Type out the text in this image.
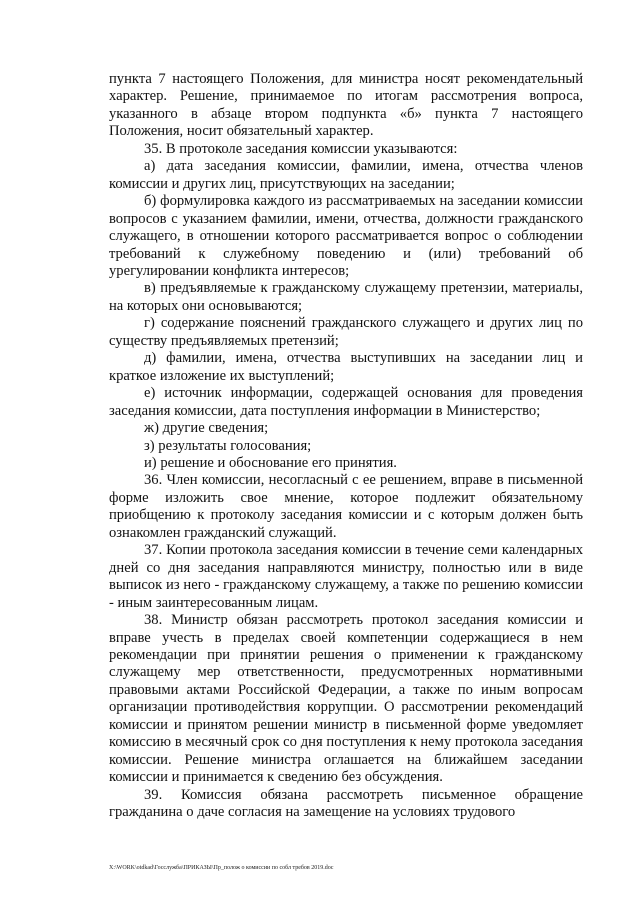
пункта 7 настоящего Положения, для министра носят рекомендательный характер. Решение, принимаемое по итогам рассмотрения вопроса, указанного в абзаце втором подпункта «б» пункта 7 настоящего Положения, носит обязательный характер.

35. В протоколе заседания комиссии указываются:

а) дата заседания комиссии, фамилии, имена, отчества членов комиссии и других лиц, присутствующих на заседании;

б) формулировка каждого из рассматриваемых на заседании комиссии вопросов с указанием фамилии, имени, отчества, должности гражданского служащего, в отношении которого рассматривается вопрос о соблюдении требований к служебному поведению и (или) требований об урегулировании конфликта интересов;

в) предъявляемые к гражданскому служащему претензии, материалы, на которых они основываются;

г) содержание пояснений гражданского служащего и других лиц по существу предъявляемых претензий;

д) фамилии, имена, отчества выступивших на заседании лиц и краткое изложение их выступлений;

е) источник информации, содержащей основания для проведения заседания комиссии, дата поступления информации в Министерство;

ж) другие сведения;

з) результаты голосования;

и) решение и обоснование его принятия.

36. Член комиссии, несогласный с ее решением, вправе в письменной форме изложить свое мнение, которое подлежит обязательному приобщению к протоколу заседания комиссии и с которым должен быть ознакомлен гражданский служащий.

37. Копии протокола заседания комиссии в течение семи календарных дней со дня заседания направляются министру, полностью или в виде выписок из него - гражданскому служащему, а также по решению комиссии - иным заинтересованным лицам.

38. Министр обязан рассмотреть протокол заседания комиссии и вправе учесть в пределах своей компетенции содержащиеся в нем рекомендации при принятии решения о применении к гражданскому служащему мер ответственности, предусмотренных нормативными правовыми актами Российской Федерации, а также по иным вопросам организации противодействия коррупции. О рассмотрении рекомендаций комиссии и принятом решении министр в письменной форме уведомляет комиссию в месячный срок со дня поступления к нему протокола заседания комиссии. Решение министра оглашается на ближайшем заседании комиссии и принимается к сведению без обсуждения.

39. Комиссия обязана рассмотреть письменное обращение гражданина о даче согласия на замещение на условиях трудового

X:\WORK\otdkad\Госслужба\ПРИКАЗЫ\Пр_полож о комиссии по собл требов 2019.doc
